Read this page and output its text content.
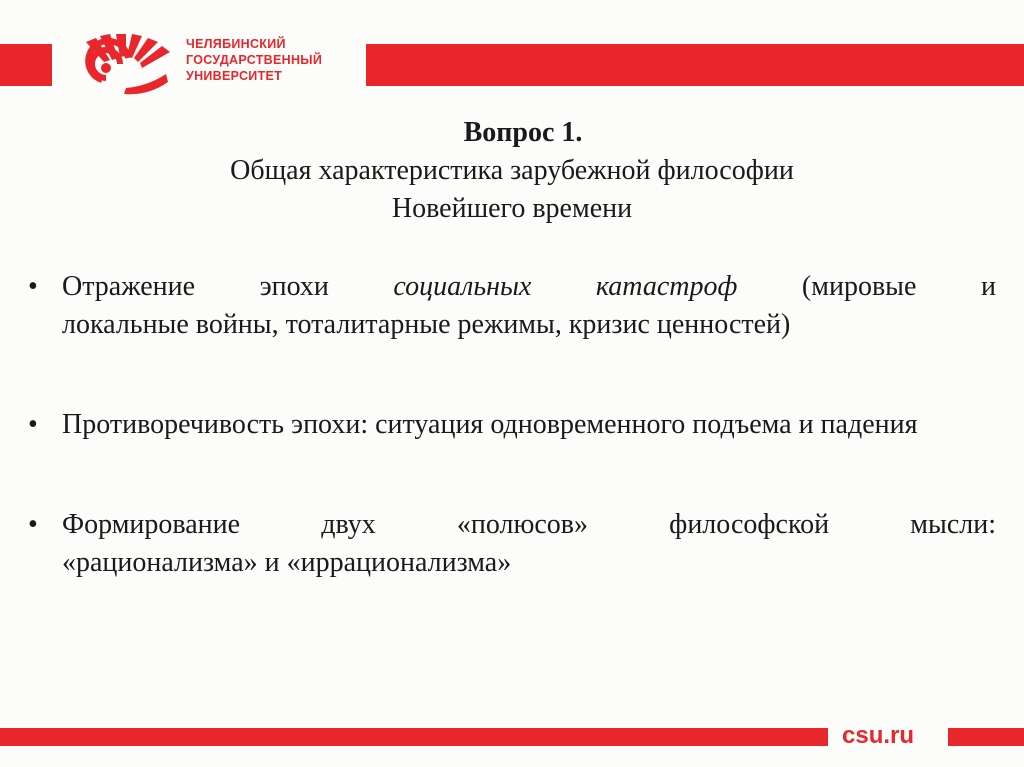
ЧЕЛЯБИНСКИЙ
ГОСУДАРСТВЕННЫЙ
УНИВЕРСИТЕТ
Вопрос 1.
Общая характеристика зарубежной философии
Новейшего времени
• Отражение эпохи социальных катастроф (мировые и
локальные войны, тоталитарные режимы, кризис ценностей)
• Противоречивость эпохи: ситуация одновременного подъема и падения
• Формирование	двух	«полюсов»	философской	мысли:
«рационализма» и «иррационализма»
csu.ru
